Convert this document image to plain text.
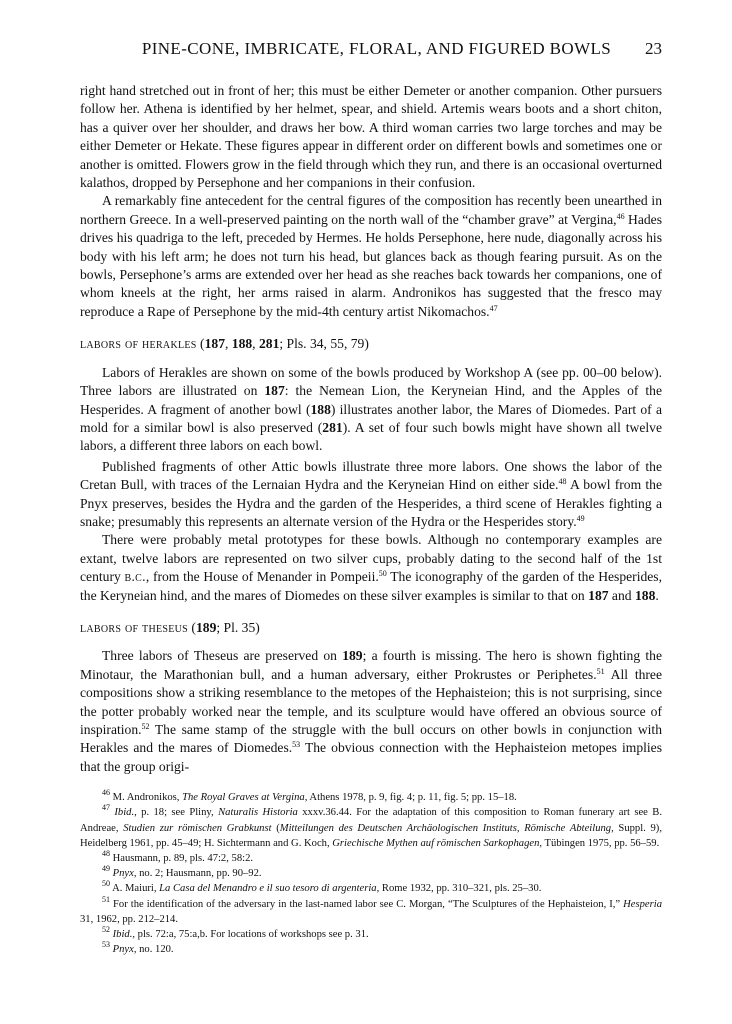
PINE-CONE, IMBRICATE, FLORAL, AND FIGURED BOWLS	23

right hand stretched out in front of her; this must be either Demeter or another companion. Other pursuers follow her. Athena is identified by her helmet, spear, and shield. Artemis wears boots and a short chiton, has a quiver over her shoulder, and draws her bow. A third woman carries two large torches and may be either Demeter or Hekate. These figures appear in different order on different bowls and sometimes one or another is omitted. Flowers grow in the field through which they run, and there is an occasional overturned kalathos, dropped by Persephone and her companions in their confusion.

A remarkably fine antecedent for the central figures of the composition has recently been unearthed in northern Greece. In a well-preserved painting on the north wall of the “chamber grave” at Vergina,$^{46}$ Hades drives his quadriga to the left, preceded by Hermes. He holds Persephone, here nude, diagonally across his body with his left arm; he does not turn his head, but glances back as though fearing pursuit. As on the bowls, Persephone’s arms are extended over her head as she reaches back towards her companions, one of whom kneels at the right, her arms raised in alarm. Andronikos has suggested that the fresco may reproduce a Rape of Persephone by the mid-4th century artist Nikomachos.$^{47}$

labors of herakles (187, 188, 281; Pls. 34, 55, 79)

Labors of Herakles are shown on some of the bowls produced by Workshop A (see pp. 00–00 below). Three labors are illustrated on 187: the Nemean Lion, the Keryneian Hind, and the Apples of the Hesperides. A fragment of another bowl (188) illustrates another labor, the Mares of Diomedes. Part of a mold for a similar bowl is also preserved (281). A set of four such bowls might have shown all twelve labors, a different three labors on each bowl.

Published fragments of other Attic bowls illustrate three more labors. One shows the labor of the Cretan Bull, with traces of the Lernaian Hydra and the Keryneian Hind on either side.$^{48}$ A bowl from the Pnyx preserves, besides the Hydra and the garden of the Hesperides, a third scene of Herakles fighting a snake; presumably this represents an alternate version of the Hydra or the Hesperides story.$^{49}$

There were probably metal prototypes for these bowls. Although no contemporary examples are extant, twelve labors are represented on two silver cups, probably dating to the second half of the 1st century b.c., from the House of Menander in Pompeii.$^{50}$ The iconography of the garden of the Hesperides, the Keryneian hind, and the mares of Diomedes on these silver examples is similar to that on 187 and 188.

labors of theseus (189; Pl. 35)

Three labors of Theseus are preserved on 189; a fourth is missing. The hero is shown fighting the Minotaur, the Marathonian bull, and a human adversary, either Prokrustes or Periphetes.$^{51}$ All three compositions show a striking resemblance to the metopes of the Hephaisteion; this is not surprising, since the potter probably worked near the temple, and its sculpture would have offered an obvious source of inspiration.$^{52}$ The same stamp of the struggle with the bull occurs on other bowls in conjunction with Herakles and the mares of Diomedes.$^{53}$ The obvious connection with the Hephaisteion metopes implies that the group origi-

$^{46}$ M. Andronikos, The Royal Graves at Vergina, Athens 1978, p. 9, fig. 4; p. 11, fig. 5; pp. 15–18.
$^{47}$ Ibid., p. 18; see Pliny, Naturalis Historia xxxv.36.44. For the adaptation of this composition to Roman funerary art see B. Andreae, Studien zur römischen Grabkunst (Mitteilungen des Deutschen Archäologischen Instituts, Römische Abteilung, Suppl. 9), Heidelberg 1961, pp. 45–49; H. Sichtermann and G. Koch, Griechische Mythen auf römischen Sarkophagen, Tübingen 1975, pp. 56–59.
$^{48}$ Hausmann, p. 89, pls. 47:2, 58:2.
$^{49}$ Pnyx, no. 2; Hausmann, pp. 90–92.
$^{50}$ A. Maiuri, La Casa del Menandro e il suo tesoro di argenteria, Rome 1932, pp. 310–321, pls. 25–30.
$^{51}$ For the identification of the adversary in the last-named labor see C. Morgan, “The Sculptures of the Hephaisteion, I,” Hesperia 31, 1962, pp. 212–214.
$^{52}$ Ibid., pls. 72:a, 75:a,b. For locations of workshops see p. 31.
$^{53}$ Pnyx, no. 120.
